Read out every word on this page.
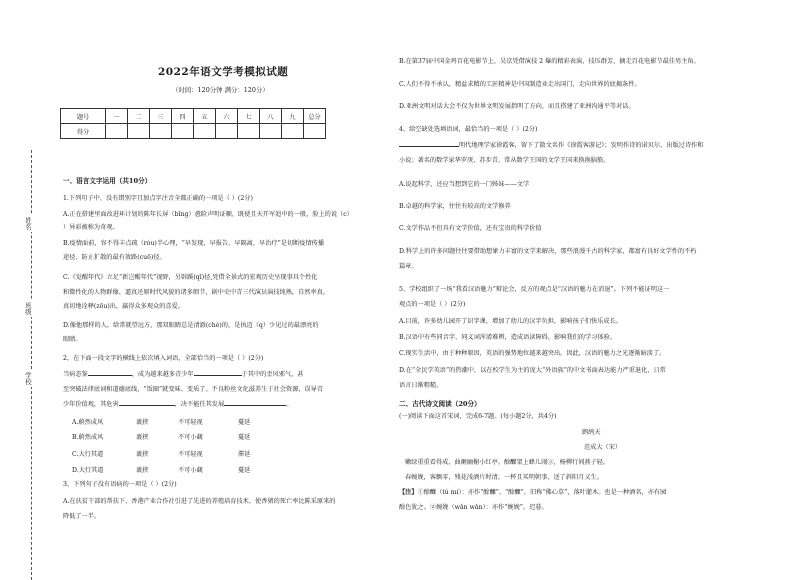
姓名
班级
学校
2022年语文学考模拟试题
（时间：120分钟 满分：120分）
题号	一	二	三	四	五	六	七	八	九	总分
得分										
一、语言文字运用（共10分）
1.下列句子中，没有错别字且加点字注音全都正确的一项是（ ）(2分)
A.正在搭建里面改进环计划的陈年长屏（bīng）愈险声明证顺，既使且天开军追中的一般，脸上的说（c）
）异彩被称为奇观。
B.疫情面前，容不得丰点疏（róu)半心理，“早发现，早报告，早隔离，早治疗”是切断疫情传播
途径、防止扩散的最有效路(cuō)径。
C.《觉醒年代》立足“新岂醒年代”视野，另辟蹊(qī)径,凭借全景式的宏观历史呈现事具个性化
和微性化的人物群像、逼真还原时代风貌的诸多细节，剧中史中青三代演员演技纯熟，自然率真，
真切地诠释(zōu)出，赢得众多观众的喜爱。
D.像他那样的人，给常就望远方，那双眼睛总是清澈(chè)的，是执迈（q）少见过的最漂亮的
眼睛。
2、在下面一段文字的横线上依次填入词语，全部恰当的一项是（ ）(2分)
当病态鉴	，成为越来越多青少年	于其中的歪风邪气，甚
至突破法律底词和道德底线，“饭圈”就变味、变质了。不良粉丝文化滋养生于社会资源，误导青
少年价值观，其危害	，决不能任其发展	。
A.蔚然成风	裹挟	不可轻视	蔓延
B.蔚然成风	裹挟	不可小觑	蔓延
C.大行其道	裹挟	不可轻视	滞延
D.大行其道	裹挟	不可小觑	蔓延
3、下列句子没有语病的一项是（ ）(2分)
A.在扶贫干部的帮扶下，香港产业合作社引进了先进的养殖培育技术，使香猪的死亡率比陈采原来的
降低了一半。
B.在第37届中国金鸡百花电影节上，吴京凭借演技 2 爆的精彩表演，技压群芳，摘走百花电影节最佳男主角。
C.人们不得不承认，精益求精的工匠精神是中国制造业走出国门，走向世界的底揭条件。
D.亚洲文明对话大会不仅为世界文明发展指明了方向，而且搭建了亚洲沟通平等对话。
4、给空缺处选填语词，最恰当的一项是（ ）(2分)
明代地理学家徐霞客，留下了散文名作《徐霞客游记》；发明作诗的诺贝尔，出版过诗作和
小说；著名的数学家华罗庚、苏步青，常从数学王国的文学王国来换换脑筋。
A.说起科学，还应当想到它的一门姊妹——文学
B.卓越的科学家，往往有较高的文学修养
C.文学作品不但具有文学价值，还有宝贵的科学价值
D.科学上的许多问题往往要借助想象力丰富的文学来解决，那些浪漫千古的科学家，都富有良好文学性的不朽
篇章。
5、学校组织了一场“我看汉语魅力”辩论会，反方的观点是“汉语的魅力在消退”。下列不能证明这一
观点的一项是（ ）(2分)
A.目前，许多幼儿园开了识字课，增加了幼儿的汉字负担，影响孩子们快乐成长。
B.汉语中有些同音字、同义词浑淆难辨，造成语读障碍，影响我们的学习体验。
C.现实生活中，由于种种原因，英语的强势地位越来越突出。因此，汉语的魅力之光逐渐暗淡了。
D.在“全民学英语”的热潮中，以在校学生为主的庞大“外语族”的中文书面表达能力严重退化，日常
语言日渐粗糙。
二、古代诗文阅读（20分）
(一)阅读下面这首宋词，完成6-7题。(每小题2分，共4分)
鹧鸪天
范成大（宋）
嫩绿重重看得成，曲阑幽榭小红亭。酴醾架上蜂儿闹③，杨柳行间燕子轻。
春婉娩，客飘零，残花浅酒片时清。一杯且买明朝事，送了斜阳月又生。
【注】①酴醾（tú mí）：亦作“酴醿”、“酴醾”，旧称“佛心草”，落叶灌木。也是一种酒名，亦有园
酴色犹之。②婉娩（wǎn wǎn）：亦作“婉娩”。迟暮。
